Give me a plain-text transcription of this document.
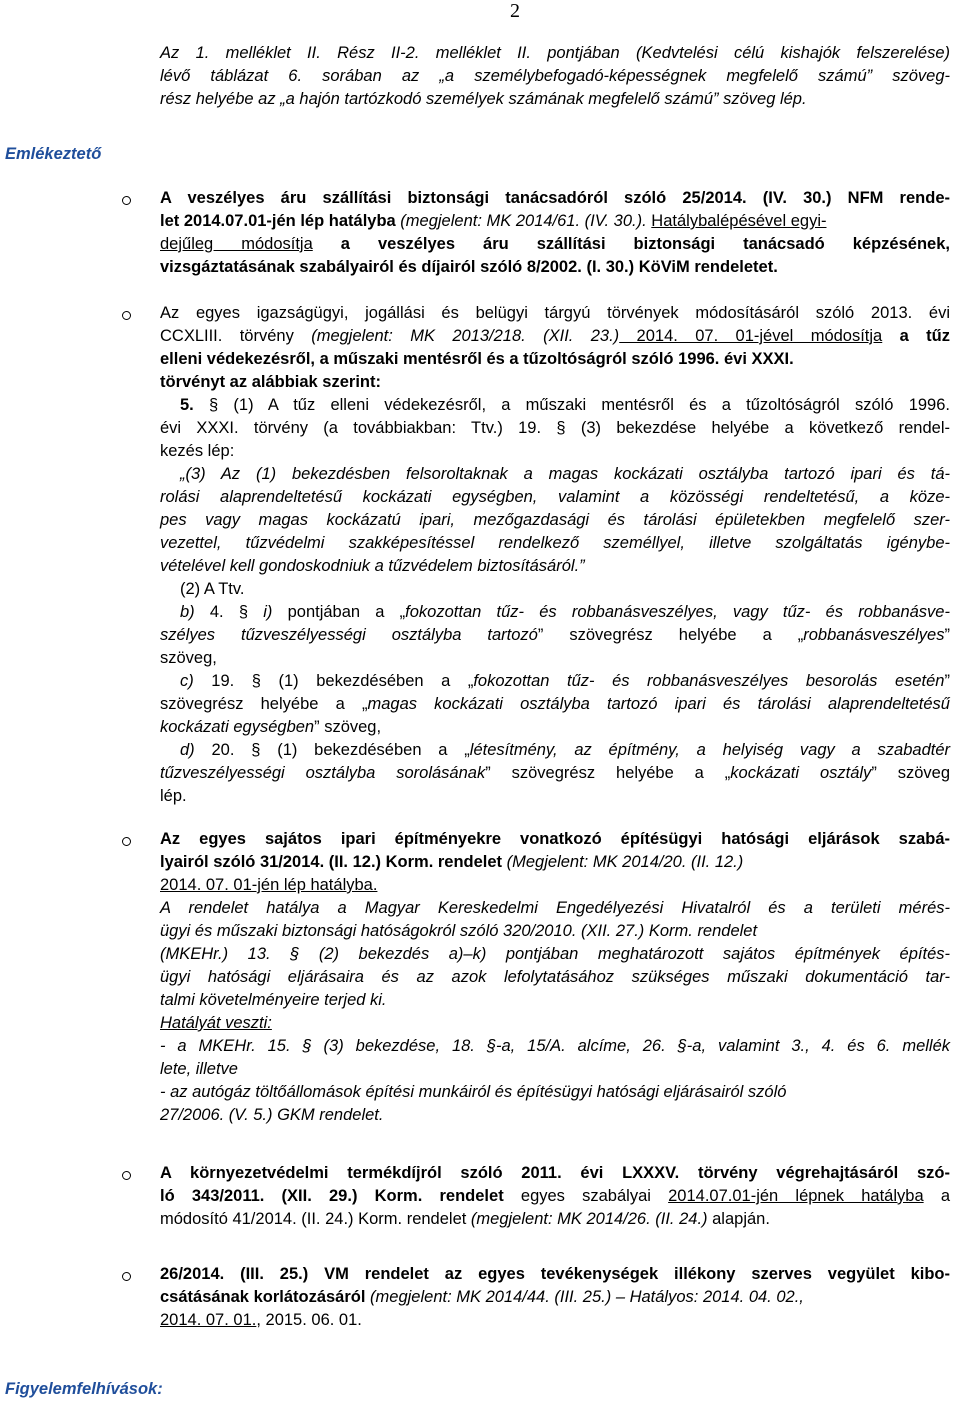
2
Emlékeztető
Figyelemfelhívások:
Az 1. melléklet II. Rész II-2. melléklet II. pontjában (Kedvtelési célú kishajók felszerelése)
lévő táblázat 6. sorában az „a személybefogadó-képességnek megfelelő számú” szöveg-
rész helyébe az „a hajón tartózkodó személyek számának megfelelő számú” szöveg lép.
A veszélyes áru szállítási biztonsági tanácsadóról szóló 25/2014. (IV. 30.) NFM rende-
let 2014.07.01-jén lép hatályba (megjelent: MK 2014/61. (IV. 30.). Hatálybalépésével egyi-
dejűleg módosítja a veszélyes áru szállítási biztonsági tanácsadó képzésének,
vizsgáztatásának szabályairól és díjairól szóló 8/2002. (I. 30.) KöViM rendeletet.
Az egyes igazságügyi, jogállási és belügyi tárgyú törvények módosításáról szóló 2013. évi
CCXLIII. törvény (megjelent: MK 2013/218. (XII. 23.) 2014. 07. 01-jével módosítja a tűz
elleni védekezésről, a műszaki mentésről és a tűzoltóságról szóló 1996. évi XXXI.
törvényt az alábbiak szerint:
5. § (1) A tűz elleni védekezésről, a műszaki mentésről és a tűzoltóságról szóló 1996.
évi XXXI. törvény (a továbbiakban: Ttv.) 19. § (3) bekezdése helyébe a következő rendel-
kezés lép:
„(3) Az (1) bekezdésben felsoroltaknak a magas kockázati osztályba tartozó ipari és tá-
rolási alaprendeltetésű kockázati egységben, valamint a közösségi rendeltetésű, a köze-
pes vagy magas kockázatú ipari, mezőgazdasági és tárolási épületekben megfelelő szer-
vezettel, tűzvédelmi szakképesítéssel rendelkező személlyel, illetve szolgáltatás igénybe-
vételével kell gondoskodniuk a tűzvédelem biztosításáról.”
(2) A Ttv.
b) 4. § i) pontjában a „fokozottan tűz- és robbanásveszélyes, vagy tűz- és robbanásve-
szélyes tűzveszélyességi osztályba tartozó” szövegrész helyébe a „robbanásveszélyes”
szöveg,
c) 19. § (1) bekezdésében a „fokozottan tűz- és robbanásveszélyes besorolás esetén”
szövegrész helyébe a „magas kockázati osztályba tartozó ipari és tárolási alaprendeltetésű
kockázati egységben” szöveg,
d) 20. § (1) bekezdésében a „létesítmény, az építmény, a helyiség vagy a szabadtér
tűzveszélyességi osztályba sorolásának” szövegrész helyébe a „kockázati osztály” szöveg
lép.
Az egyes sajátos ipari építményekre vonatkozó építésügyi hatósági eljárások szabá-
lyairól szóló 31/2014. (II. 12.) Korm. rendelet (Megjelent: MK 2014/20. (II. 12.)
2014. 07. 01-jén lép hatályba.
A rendelet hatálya a Magyar Kereskedelmi Engedélyezési Hivatalról és a területi mérés-
ügyi és műszaki biztonsági hatóságokról szóló 320/2010. (XII. 27.) Korm. rendelet
(MKEHr.) 13. § (2) bekezdés a)–k) pontjában meghatározott sajátos építmények építés-
ügyi hatósági eljárásaira és az azok lefolytatásához szükséges műszaki dokumentáció tar-
talmi követelményeire terjed ki.
Hatályát veszti:
- a MKEHr. 15. § (3) bekezdése, 18. §-a, 15/A. alcíme, 26. §-a, valamint 3., 4. és 6. mellék
lete, illetve
- az autógáz töltőállomások építési munkáiról és építésügyi hatósági eljárásairól szóló
27/2006. (V. 5.) GKM rendelet.
A környezetvédelmi termékdíjról szóló 2011. évi LXXXV. törvény végrehajtásáról szó-
ló 343/2011. (XII. 29.) Korm. rendelet egyes szabályai 2014.07.01-jén lépnek hatályba a
módosító 41/2014. (II. 24.) Korm. rendelet (megjelent: MK 2014/26. (II. 24.) alapján.
26/2014. (III. 25.) VM rendelet az egyes tevékenységek illékony szerves vegyület kibo-
csátásának korlátozásáról (megjelent: MK 2014/44. (III. 25.) – Hatályos: 2014. 04. 02.,
2014. 07. 01., 2015. 06. 01.
